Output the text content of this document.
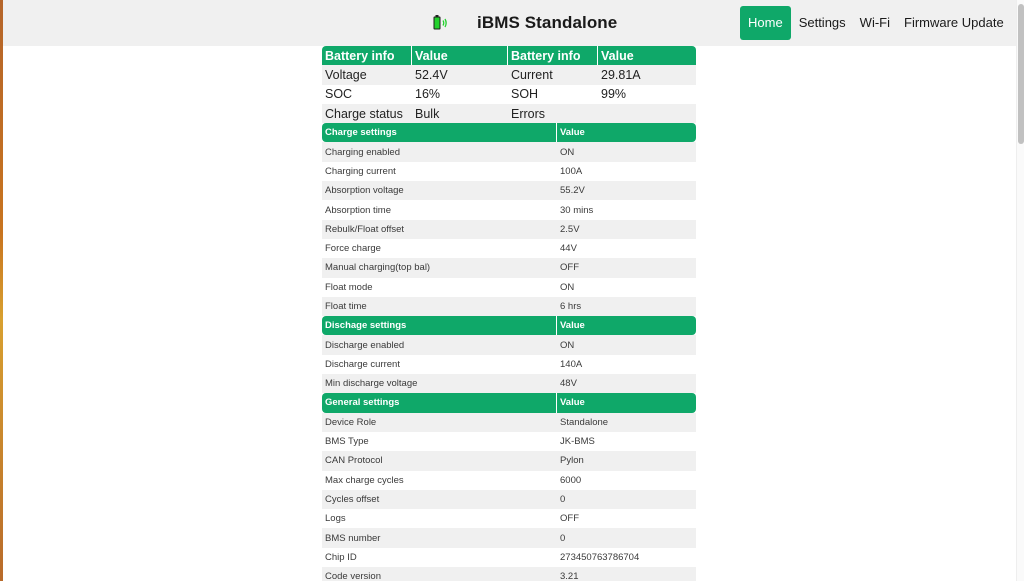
iBMS Standalone	Home	Settings	Wi-Fi	Firmware Update
Battery info	Value	Battery info	Value
Voltage	52.4V	Current	29.81A
SOC	16%	SOH	99%
Charge status	Bulk	Errors	
Charge settings	Value
Charging enabled	ON
Charging current	100A
Absorption voltage	55.2V
Absorption time	30 mins
Rebulk/Float offset	2.5V
Force charge	44V
Manual charging(top bal)	OFF
Float mode	ON
Float time	6 hrs
Dischage settings	Value
Discharge enabled	ON
Discharge current	140A
Min discharge voltage	48V
General settings	Value
Device Role	Standalone
BMS Type	JK-BMS
CAN Protocol	Pylon
Max charge cycles	6000
Cycles offset	0
Logs	OFF
BMS number	0
Chip ID	273450763786704
Code version	3.21
